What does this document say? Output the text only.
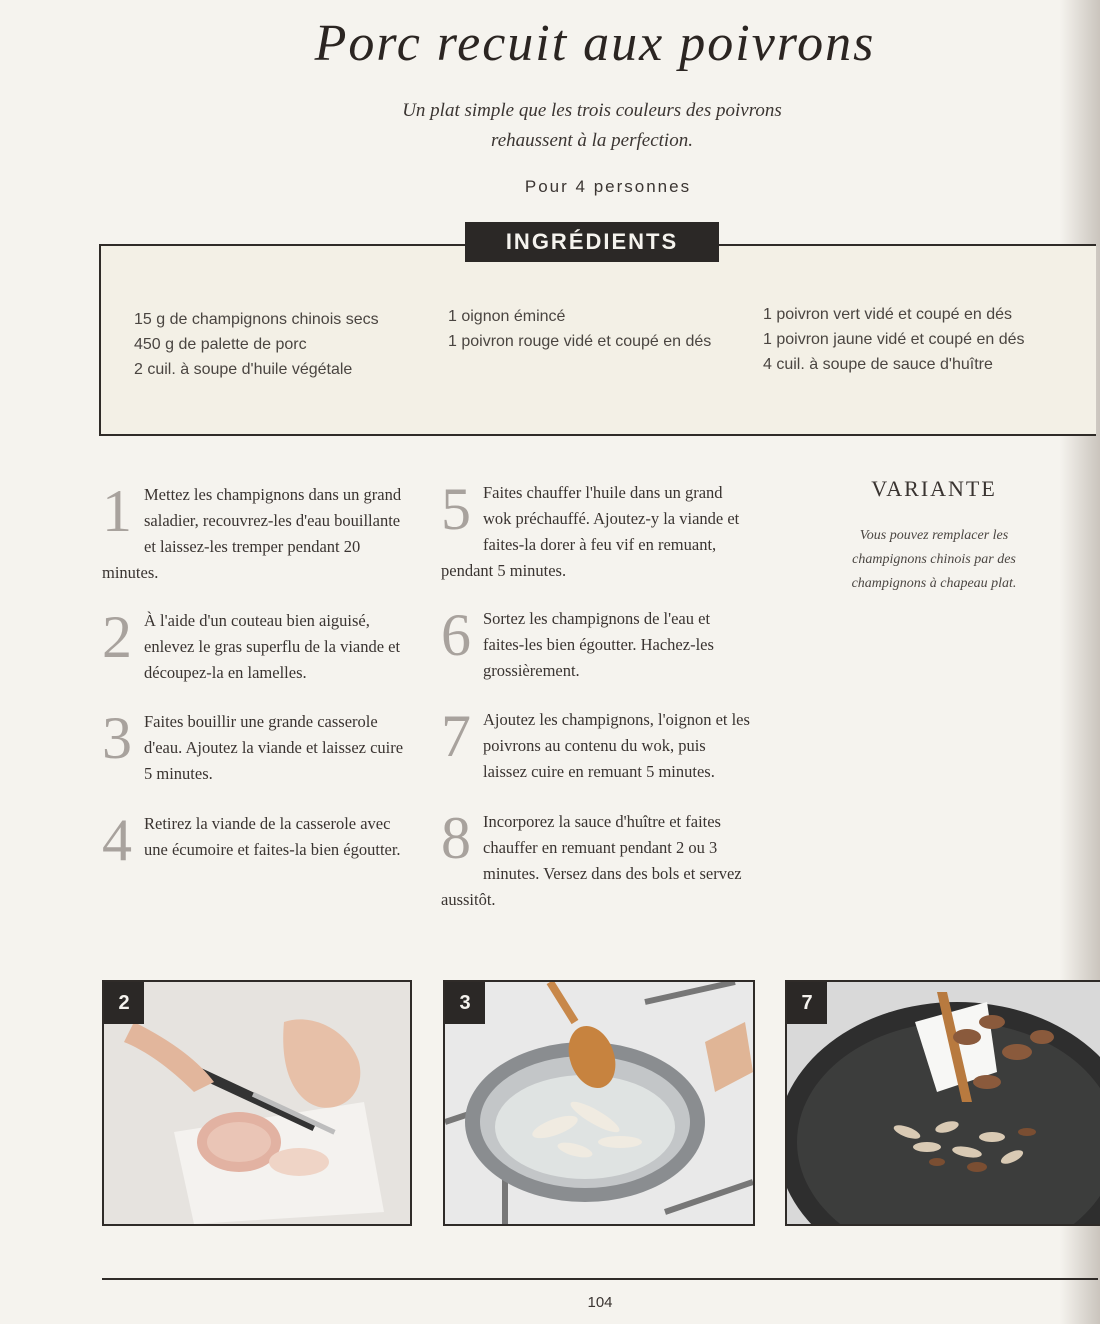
Porc recuit aux poivrons
Un plat simple que les trois couleurs des poivrons
rehaussent à la perfection.
Pour 4 personnes
INGRÉDIENTS
15 g de champignons chinois secs
450 g de palette de porc
2 cuil. à soupe d'huile végétale
1 oignon émincé
1 poivron rouge vidé et coupé en dés
1 poivron vert vidé et coupé en dés
1 poivron jaune vidé et coupé en dés
4 cuil. à soupe de sauce d'huître
1 Mettez les champignons dans un grand saladier, recouvrez-les d'eau bouillante et laissez-les tremper pendant 20 minutes.
2 À l'aide d'un couteau bien aiguisé, enlevez le gras superflu de la viande et découpez-la en lamelles.
3 Faites bouillir une grande casserole d'eau. Ajoutez la viande et laissez cuire 5 minutes.
4 Retirez la viande de la casserole avec une écumoire et faites-la bien égoutter.
5 Faites chauffer l'huile dans un grand wok préchauffé. Ajoutez-y la viande et faites-la dorer à feu vif en remuant, pendant 5 minutes.
6 Sortez les champignons de l'eau et faites-les bien égoutter. Hachez-les grossièrement.
7 Ajoutez les champignons, l'oignon et les poivrons au contenu du wok, puis laissez cuire en remuant 5 minutes.
8 Incorporez la sauce d'huître et faites chauffer en remuant pendant 2 ou 3 minutes. Versez dans des bols et servez aussitôt.
VARIANTE
Vous pouvez remplacer les champignons chinois par des champignons à chapeau plat.
2	3	7
104
